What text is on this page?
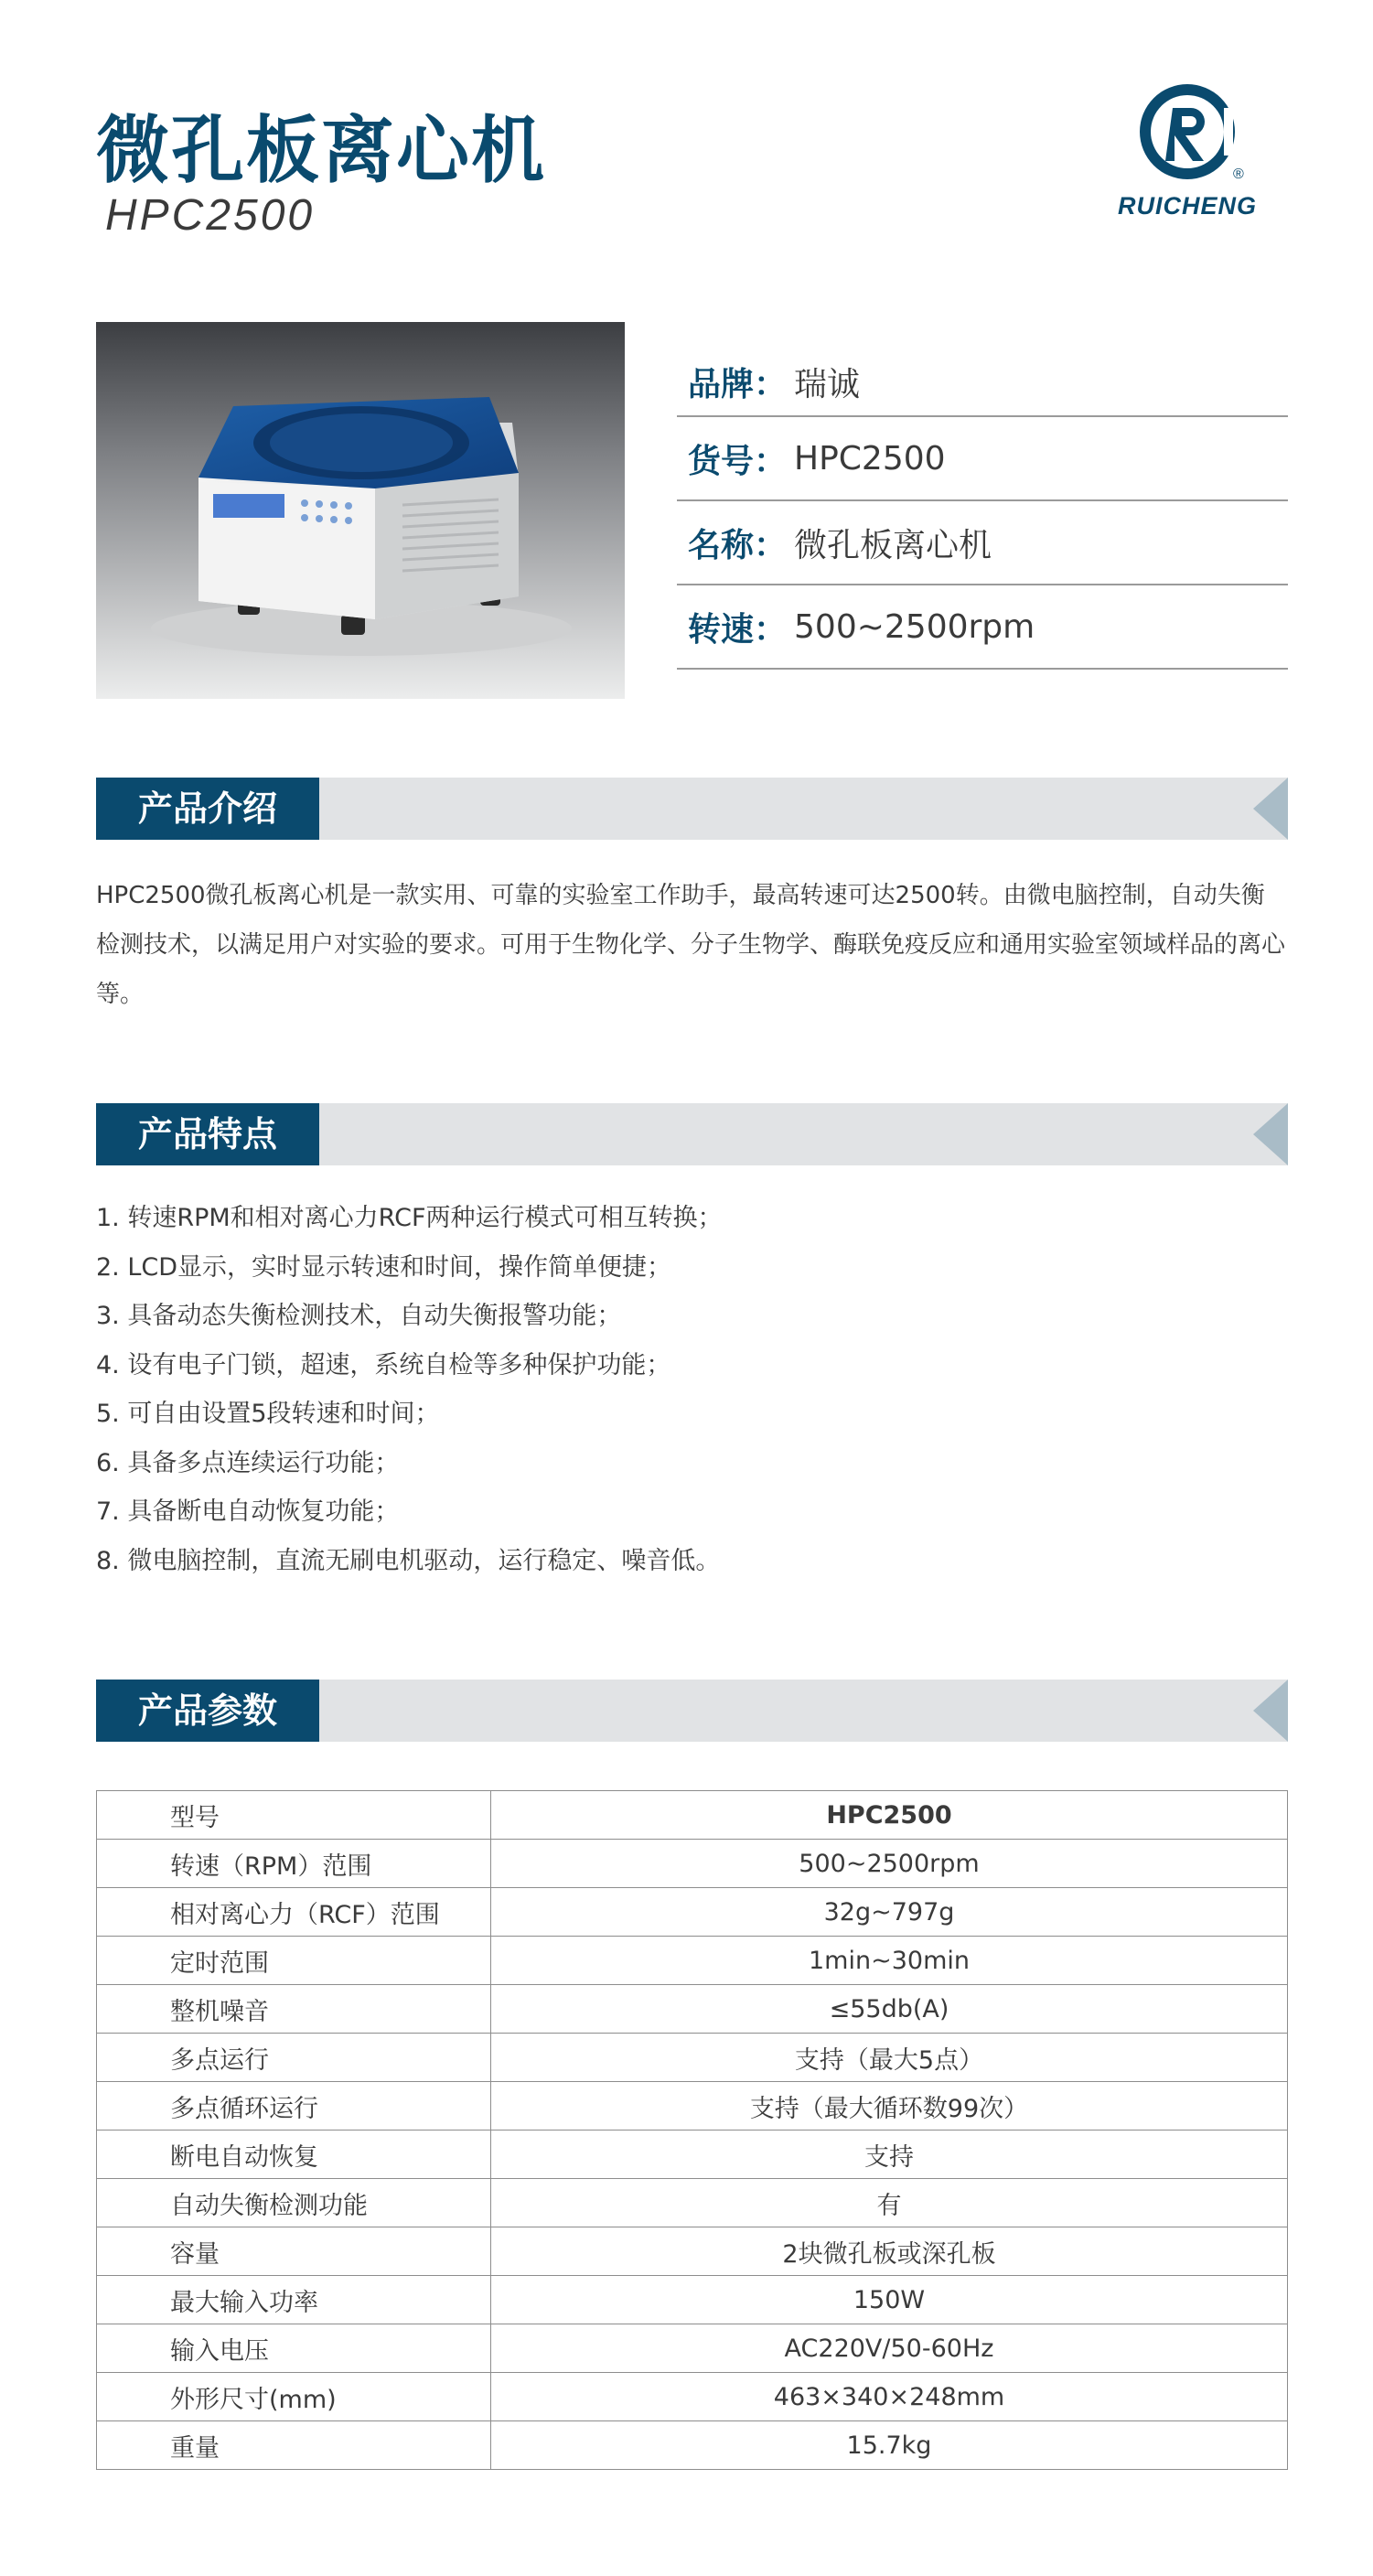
微孔板离心机
HPC2500
®
RUICHENG
品牌： 瑞诚
货号： HPC2500
名称： 微孔板离心机
转速： 500~2500rpm
产品介绍

HPC2500微孔板离心机是一款实用、可靠的实验室工作助手，最高转速可达2500转。由微电脑控制，自动失衡检测技术，以满足用户对实验的要求。可用于生物化学、分子生物学、酶联免疫反应和通用实验室领域样品的离心等。

产品特点
1. 转速RPM和相对离心力RCF两种运行模式可相互转换；
2. LCD显示，实时显示转速和时间，操作简单便捷；
3. 具备动态失衡检测技术，自动失衡报警功能；
4. 设有电子门锁，超速，系统自检等多种保护功能；
5. 可自由设置5段转速和时间；
6. 具备多点连续运行功能；
7. 具备断电自动恢复功能；
8. 微电脑控制，直流无刷电机驱动，运行稳定、噪音低。
产品参数
型号	HPC2500
转速（RPM）范围	500~2500rpm
相对离心力（RCF）范围	32g~797g
定时范围	1min~30min
整机噪音	≤55db(A)
多点运行	支持（最大5点）
多点循环运行	支持（最大循环数99次）
断电自动恢复	支持
自动失衡检测功能	有
容量	2块微孔板或深孔板
最大输入功率	150W
输入电压	AC220V/50-60Hz
外形尺寸(mm)	463×340×248mm
重量	15.7kg
